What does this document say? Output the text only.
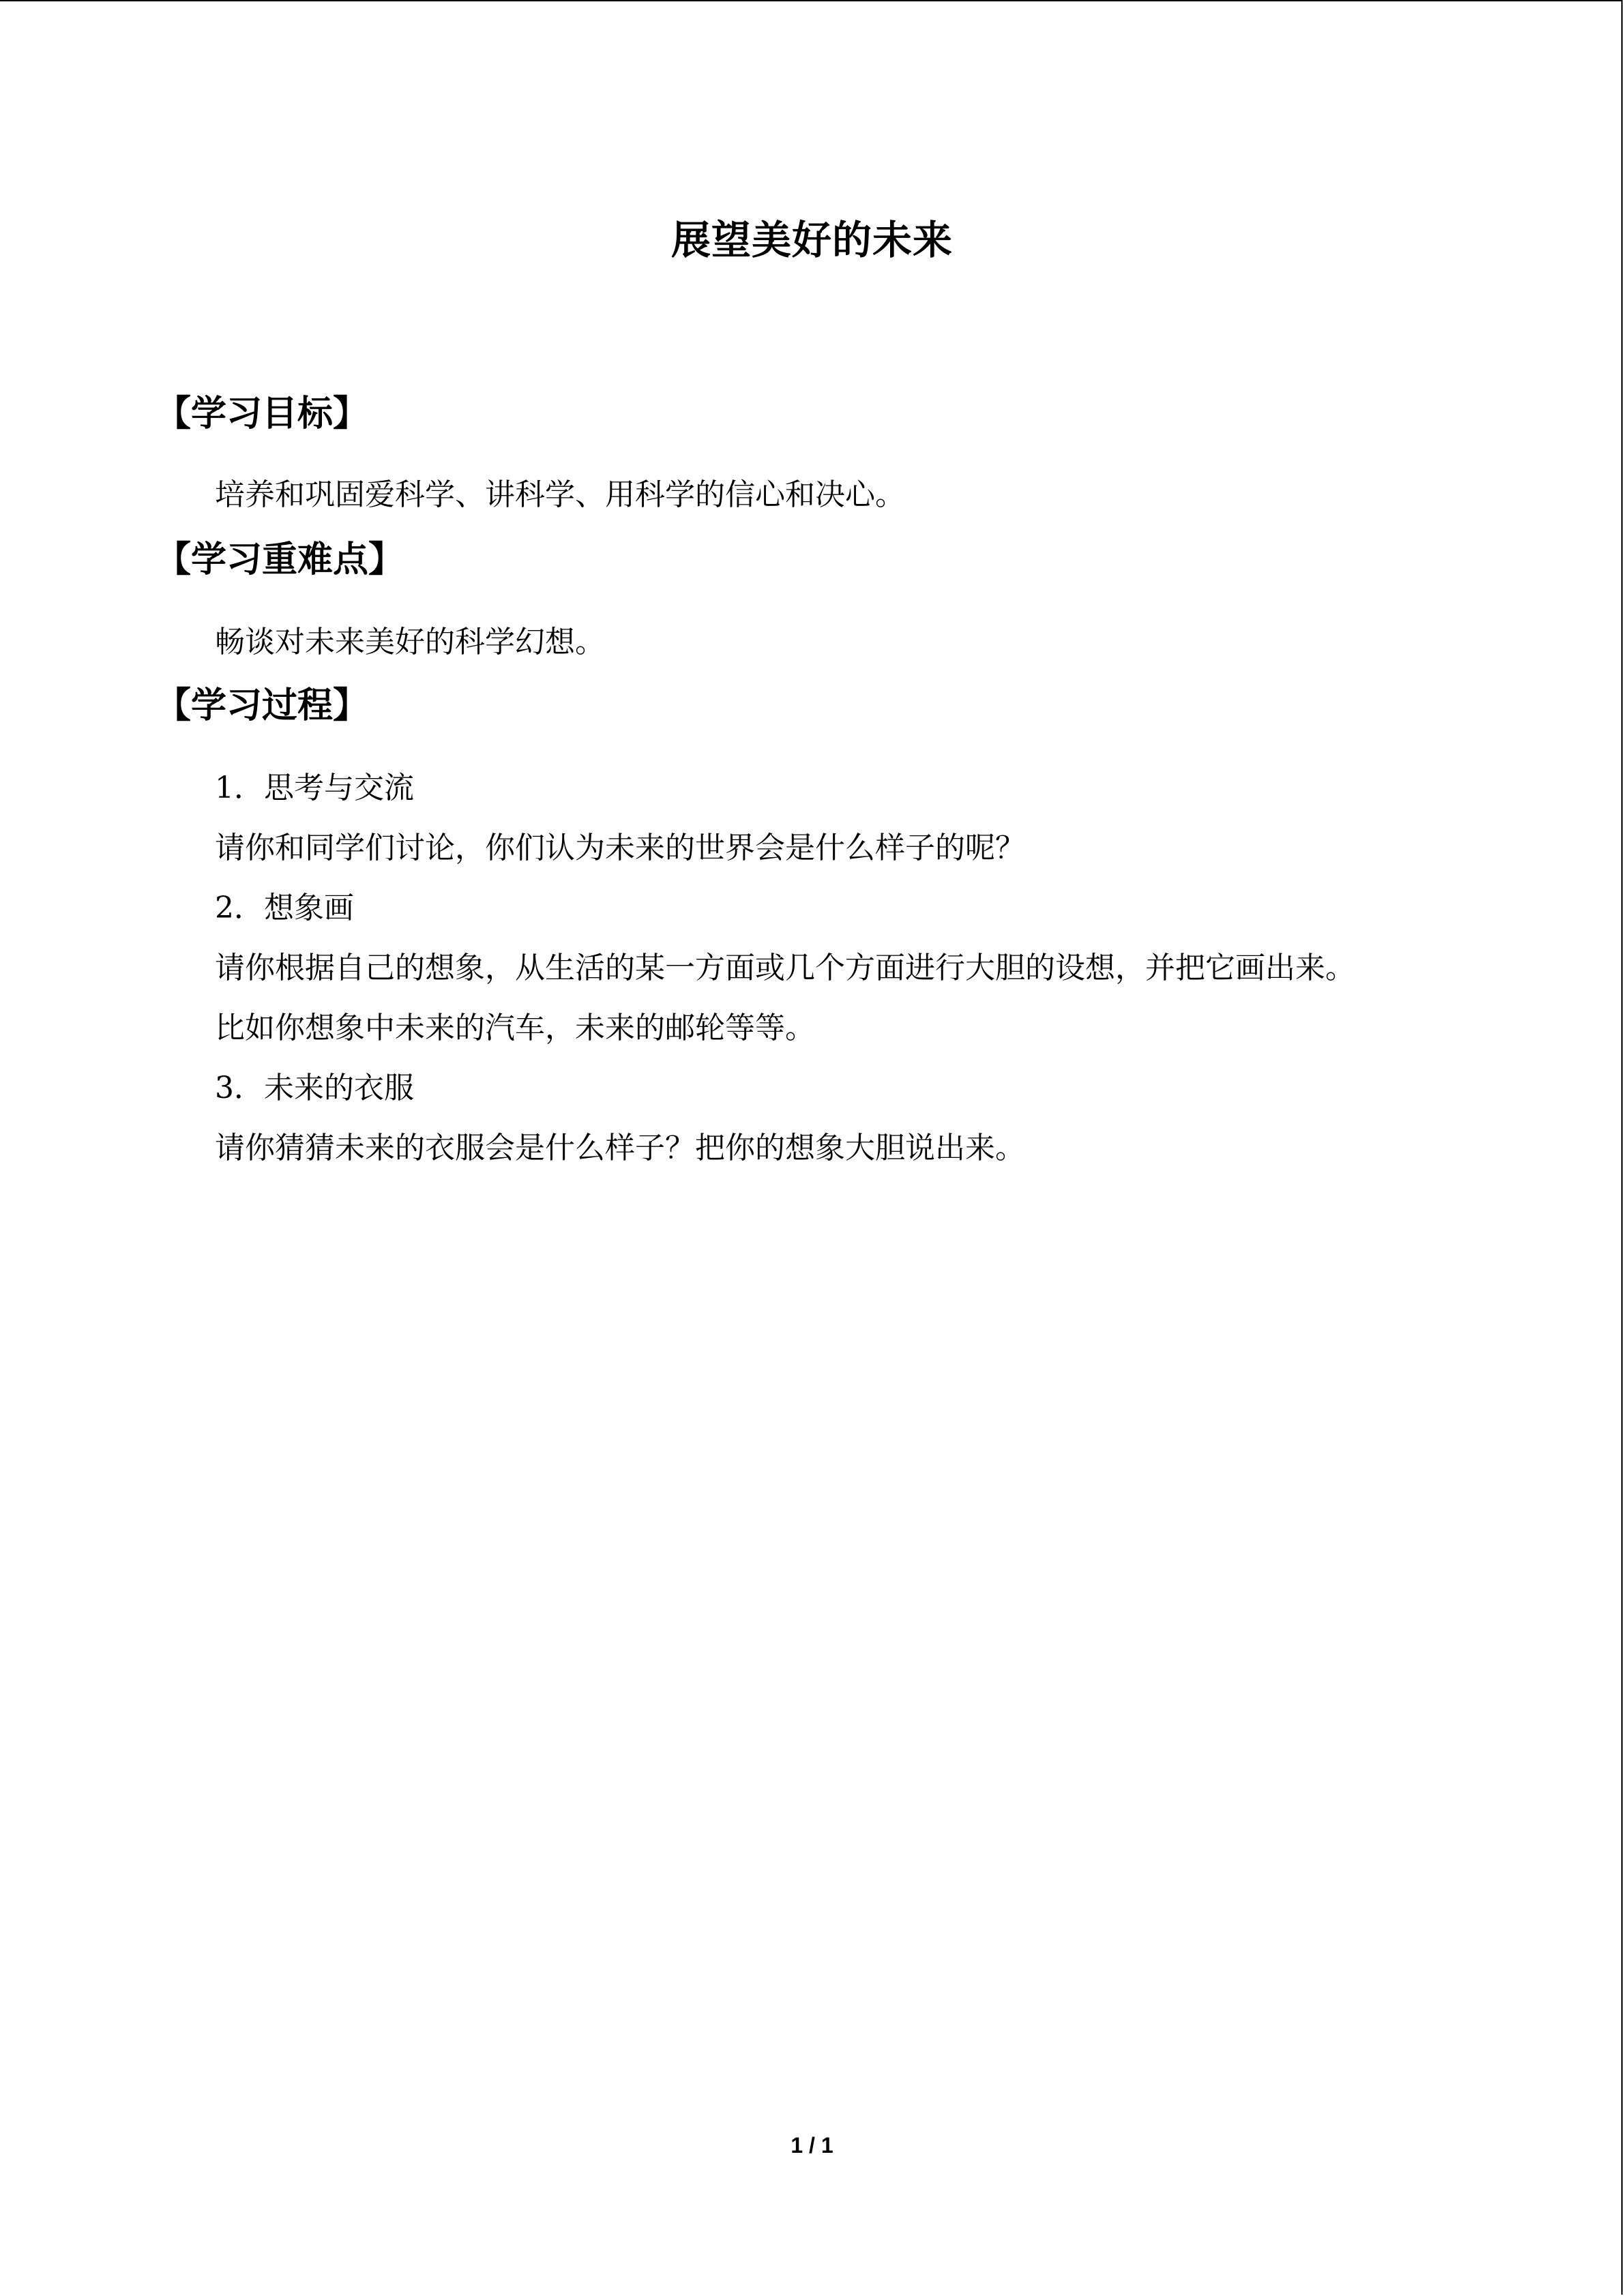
展望美好的未来
【学习目标】
培养和巩固爱科学、讲科学、用科学的信心和决心。
【学习重难点】
畅谈对未来美好的科学幻想。
【学习过程】
1．思考与交流
请你和同学们讨论，你们认为未来的世界会是什么样子的呢？
2．想象画
请你根据自己的想象，从生活的某一方面或几个方面进行大胆的设想，并把它画出来。
比如你想象中未来的汽车，未来的邮轮等等。
3．未来的衣服
请你猜猜未来的衣服会是什么样子？把你的想象大胆说出来。
1 / 1
